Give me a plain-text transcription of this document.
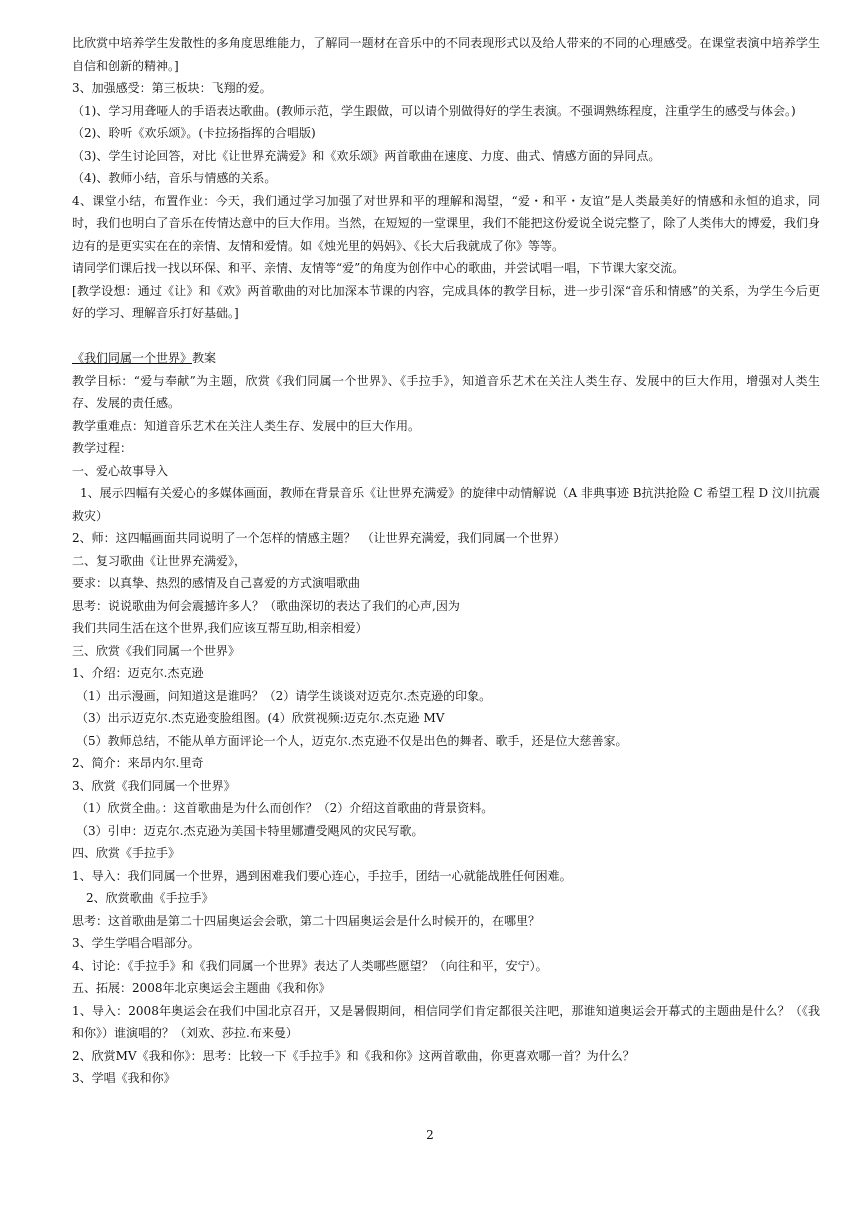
比欣赏中培养学生发散性的多角度思维能力，了解同一题材在音乐中的不同表现形式以及给人带来的不同的心理感受。在课堂表演中培养学生自信和创新的精神。]

3、加强感受：第三板块：飞翔的爱。

（1)、学习用聋哑人的手语表达歌曲。(教师示范，学生跟做，可以请个别做得好的学生表演。不强调熟练程度，注重学生的感受与体会。)

（2)、聆听《欢乐颂》。(卡拉扬指挥的合唱版)

（3)、学生讨论回答，对比《让世界充满爱》和《欢乐颂》两首歌曲在速度、力度、曲式、情感方面的异同点。

（4)、教师小结，音乐与情感的关系。

4、课堂小结，布置作业：今天，我们通过学习加强了对世界和平的理解和渴望，“爱・和平・友谊”是人类最美好的情感和永恒的追求，同时，我们也明白了音乐在传情达意中的巨大作用。当然，在短短的一堂课里，我们不能把这份爱说全说完整了，除了人类伟大的博爱，我们身边有的是更实实在在的亲情、友情和爱情。如《烛光里的妈妈》、《长大后我就成了你》等等。

请同学们课后找一找以环保、和平、亲情、友情等“爱”的角度为创作中心的歌曲，并尝试唱一唱，下节课大家交流。

[教学设想：通过《让》和《欢》两首歌曲的对比加深本节课的内容，完成具体的教学目标，进一步引深“音乐和情感”的关系，为学生今后更好的学习、理解音乐打好基础。]

《我们同属一个世界》教案

教学目标：“爱与奉献”为主题，欣赏《我们同属一个世界》、《手拉手》，知道音乐艺术在关注人类生存、发展中的巨大作用，增强对人类生存、发展的责任感。

教学重难点：知道音乐艺术在关注人类生存、发展中的巨大作用。

教学过程：

一、爱心故事导入

1、展示四幅有关爱心的多媒体画面，教师在背景音乐《让世界充满爱》的旋律中动情解说（A 非典事迹 B抗洪抢险 C 希望工程 D 汶川抗震救灾）

2、师：这四幅画面共同说明了一个怎样的情感主题？　（让世界充满爱，我们同属一个世界）

二、复习歌曲《让世界充满爱》，

要求：以真挚、热烈的感情及自己喜爱的方式演唱歌曲

思考：说说歌曲为何会震撼许多人？（歌曲深切的表达了我们的心声,因为

我们共同生活在这个世界,我们应该互帮互助,相亲相爱）

三、欣赏《我们同属一个世界》

1、介绍：迈克尔.杰克逊

（1）出示漫画，问知道这是谁吗？（2）请学生谈谈对迈克尔.杰克逊的印象。

（3）出示迈克尔.杰克逊变脸组图。(4）欣赏视频:迈克尔.杰克逊 MV

（5）教师总结，不能从单方面评论一个人，迈克尔.杰克逊不仅是出色的舞者、歌手，还是位大慈善家。

2、简介：来昂内尔.里奇

3、欣赏《我们同属一个世界》

（1）欣赏全曲。：这首歌曲是为什么而创作？（2）介绍这首歌曲的背景资料。

（3）引申：迈克尔.杰克逊为美国卡特里娜遭受飓风的灾民写歌。

四、欣赏《手拉手》

1、导入：我们同属一个世界，遇到困难我们要心连心，手拉手，团结一心就能战胜任何困难。

2、欣赏歌曲《手拉手》

思考：这首歌曲是第二十四届奥运会会歌，第二十四届奥运会是什么时候开的，在哪里？

3、学生学唱合唱部分。

4、讨论：《手拉手》和《我们同属一个世界》表达了人类哪些愿望？（向往和平，安宁）。

五、拓展：2008年北京奥运会主题曲《我和你》

1、导入：2008年奥运会在我们中国北京召开，又是暑假期间，相信同学们肯定都很关注吧，那谁知道奥运会开幕式的主题曲是什么？（《我和你》）谁演唱的？（刘欢、莎拉.布来曼）

2、欣赏MV《我和你》：思考：比较一下《手拉手》和《我和你》这两首歌曲，你更喜欢哪一首？为什么？

3、学唱《我和你》

2
